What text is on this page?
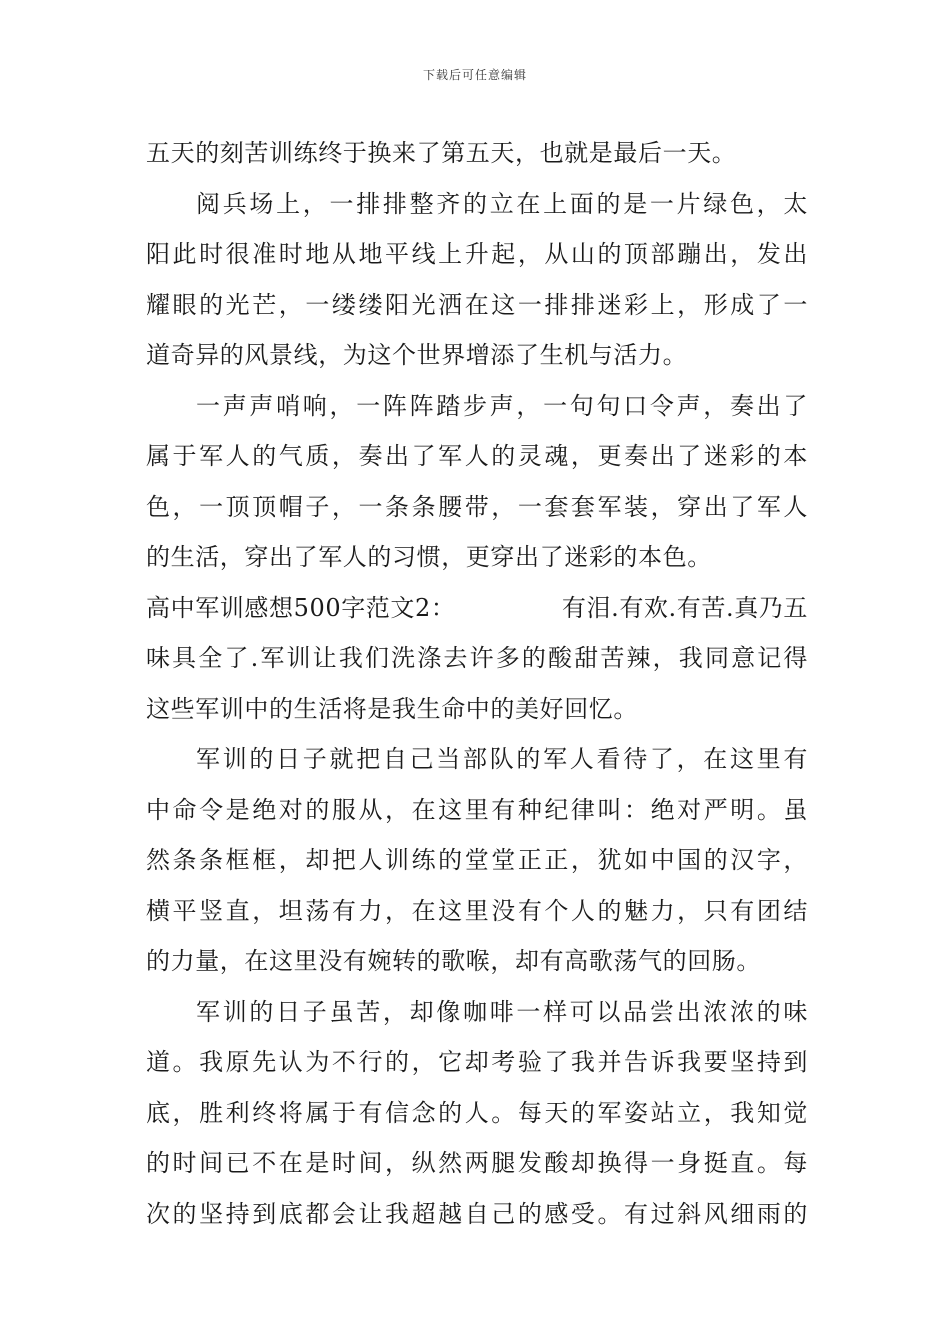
下载后可任意编辑
五天的刻苦训练终于换来了第五天，也就是最后一天。
阅兵场上，一排排整齐的立在上面的是一片绿色，太
阳此时很准时地从地平线上升起，从山的顶部蹦出，发出
耀眼的光芒，一缕缕阳光洒在这一排排迷彩上，形成了一
道奇异的风景线，为这个世界增添了生机与活力。
一声声哨响，一阵阵踏步声，一句句口令声，奏出了
属于军人的气质，奏出了军人的灵魂，更奏出了迷彩的本
色，一顶顶帽子，一条条腰带，一套套军装，穿出了军人
的生活，穿出了军人的习惯，更穿出了迷彩的本色。
高中军训感想500字范文2：	有泪.有欢.有苦.真乃五
味具全了.军训让我们洗涤去许多的酸甜苦辣，我同意记得
这些军训中的生活将是我生命中的美好回忆。
军训的日子就把自己当部队的军人看待了，在这里有
中命令是绝对的服从，在这里有种纪律叫：绝对严明。虽
然条条框框，却把人训练的堂堂正正，犹如中国的汉字，
横平竖直，坦荡有力，在这里没有个人的魅力，只有团结
的力量，在这里没有婉转的歌喉，却有高歌荡气的回肠。
军训的日子虽苦，却像咖啡一样可以品尝出浓浓的味
道。我原先认为不行的，它却考验了我并告诉我要坚持到
底，胜利终将属于有信念的人。每天的军姿站立，我知觉
的时间已不在是时间，纵然两腿发酸却换得一身挺直。每
次的坚持到底都会让我超越自己的感受。有过斜风细雨的
